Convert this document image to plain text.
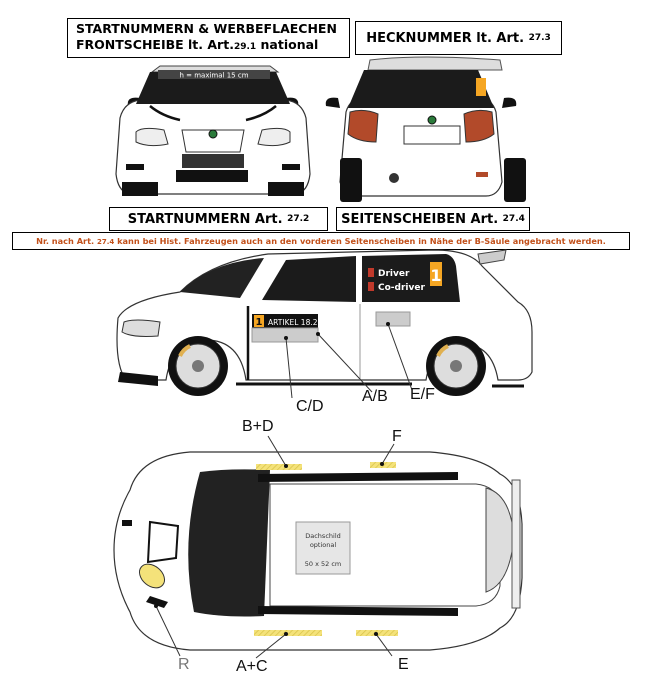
STARTNUMMERN & WERBEFLAECHEN
FRONTSCHEIBE lt. Art.29.1 national	HECKNUMMER lt. Art.
27.3
STARTNUMMERN Art.
27.2 SEITENSCHEIBEN Art.
27.4
Nr. nach Art. 27.4 kann bei Hist. Fahrzeugen auch an den vorderen Seitenscheiben in Nähe der B-Säule angebracht werden.
h = maximal 15 cm
Driver
Co-driver
1
1 ARTIKEL 18.2
Dachschild
optional
50 x 52 cm
C/D
A/B E/F
B+D
F
R	A+C	E
